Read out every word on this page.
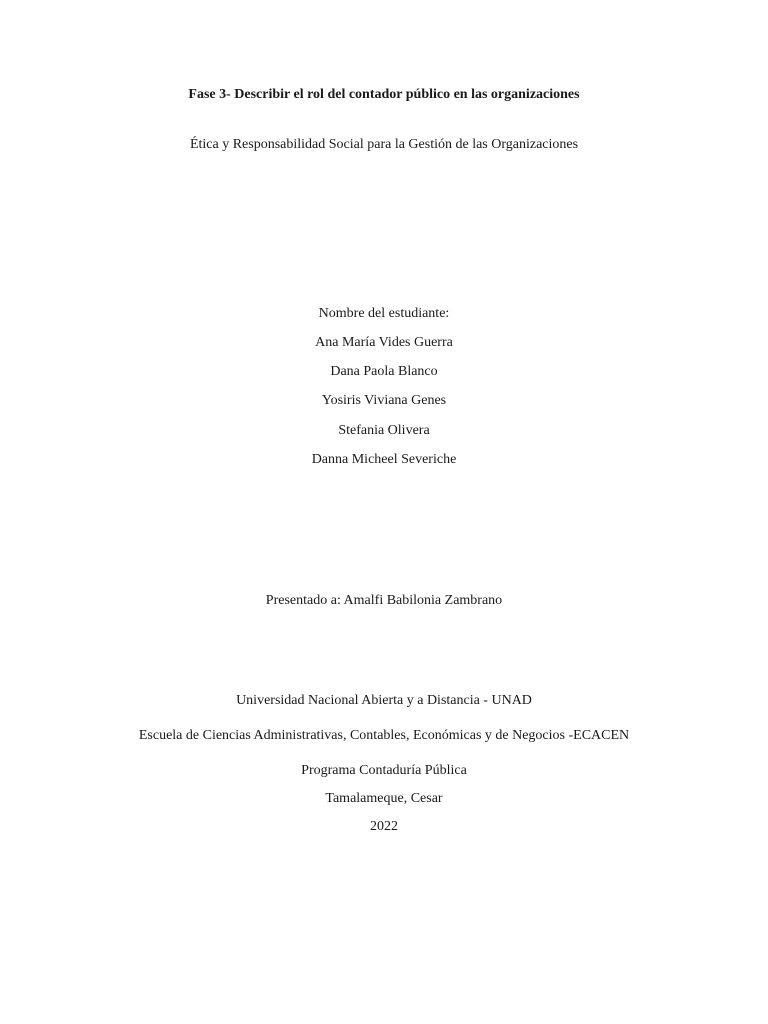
Fase 3- Describir el rol del contador público en las organizaciones
Ética y Responsabilidad Social para la Gestión de las Organizaciones
Nombre del estudiante:
Ana María Vides Guerra
Dana Paola Blanco
Yosiris Viviana Genes
Stefania Olivera
Danna Micheel Severiche
Presentado a: Amalfi Babilonia Zambrano
Universidad Nacional Abierta y a Distancia - UNAD
Escuela de Ciencias Administrativas, Contables, Económicas y de Negocios -ECACEN
Programa Contaduría Pública
Tamalameque, Cesar
2022
